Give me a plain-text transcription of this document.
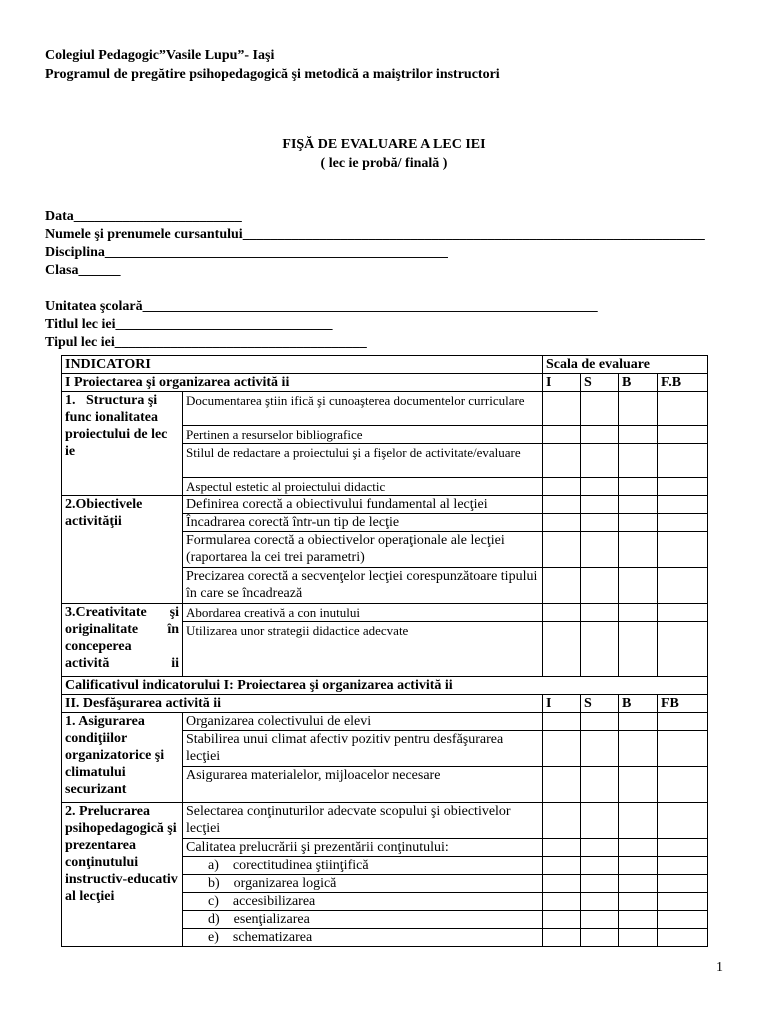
Colegiul Pedagogic”Vasile Lupu”- Iaşi
Programul de pregătire psihopedagogică şi metodică a maiştrilor instructori
FIŞĂ DE EVALUARE A LEC IEI
( lec ie probă/ finală )
Data________________________
Numele şi prenumele cursantului__________________________________________________________________
Disciplina_________________________________________________
Clasa______
Unitatea şcolară_________________________________________________________________
Titlul lec iei_______________________________
Tipul lec iei____________________________________
INDICATORI		Scala de evaluare			
I Proiectarea şi organizarea activită ii		I	S	B	F.B
1.   Structura şi func ionalitatea proiectului de lec ie	Documentarea ştiin ifică şi cunoaşterea documentelor curriculare				
	Pertinen a resurselor bibliografice				
	Stilul de redactare a proiectului şi a fişelor de activitate/evaluare				
	Aspectul estetic al proiectului didactic				
2.Obiectivele activităţii	Definirea corectă a obiectivului fundamental al lecţiei				
	Încadrarea corectă într-un tip de lecţie				
	Formularea corectă a obiectivelor operaţionale ale lecţiei (raportarea la cei trei parametri)				
	Precizarea corectă a secvenţelor lecţiei corespunzătoare tipului în care se încadrează				
3.Creativitate şi originalitate în conceperea activită ii	Abordarea creativă a con inutului				
	Utilizarea unor strategii didactice adecvate				
Calificativul indicatorului I: Proiectarea şi organizarea activită ii					
II. Desfăşurarea activită ii		I	S	B	FB
1. Asigurarea condiţiilor organizatorice şi climatului securizant	Organizarea colectivului de elevi				
	Stabilirea unui climat afectiv pozitiv pentru desfăşurarea lecţiei				
	Asigurarea materialelor, mijloacelor necesare				
2. Prelucrarea psihopedagogică şi prezentarea conţinutului instructiv-educativ al lecţiei	Selectarea conţinuturilor adecvate scopului şi obiectivelor lecţiei				
	Calitatea prelucrării şi prezentării conţinutului:				
	a)    corectitudinea ştiinţifică				
	b)    organizarea logică				
	c)    accesibilizarea				
	d)    esenţializarea				
	e)    schematizarea				
1
